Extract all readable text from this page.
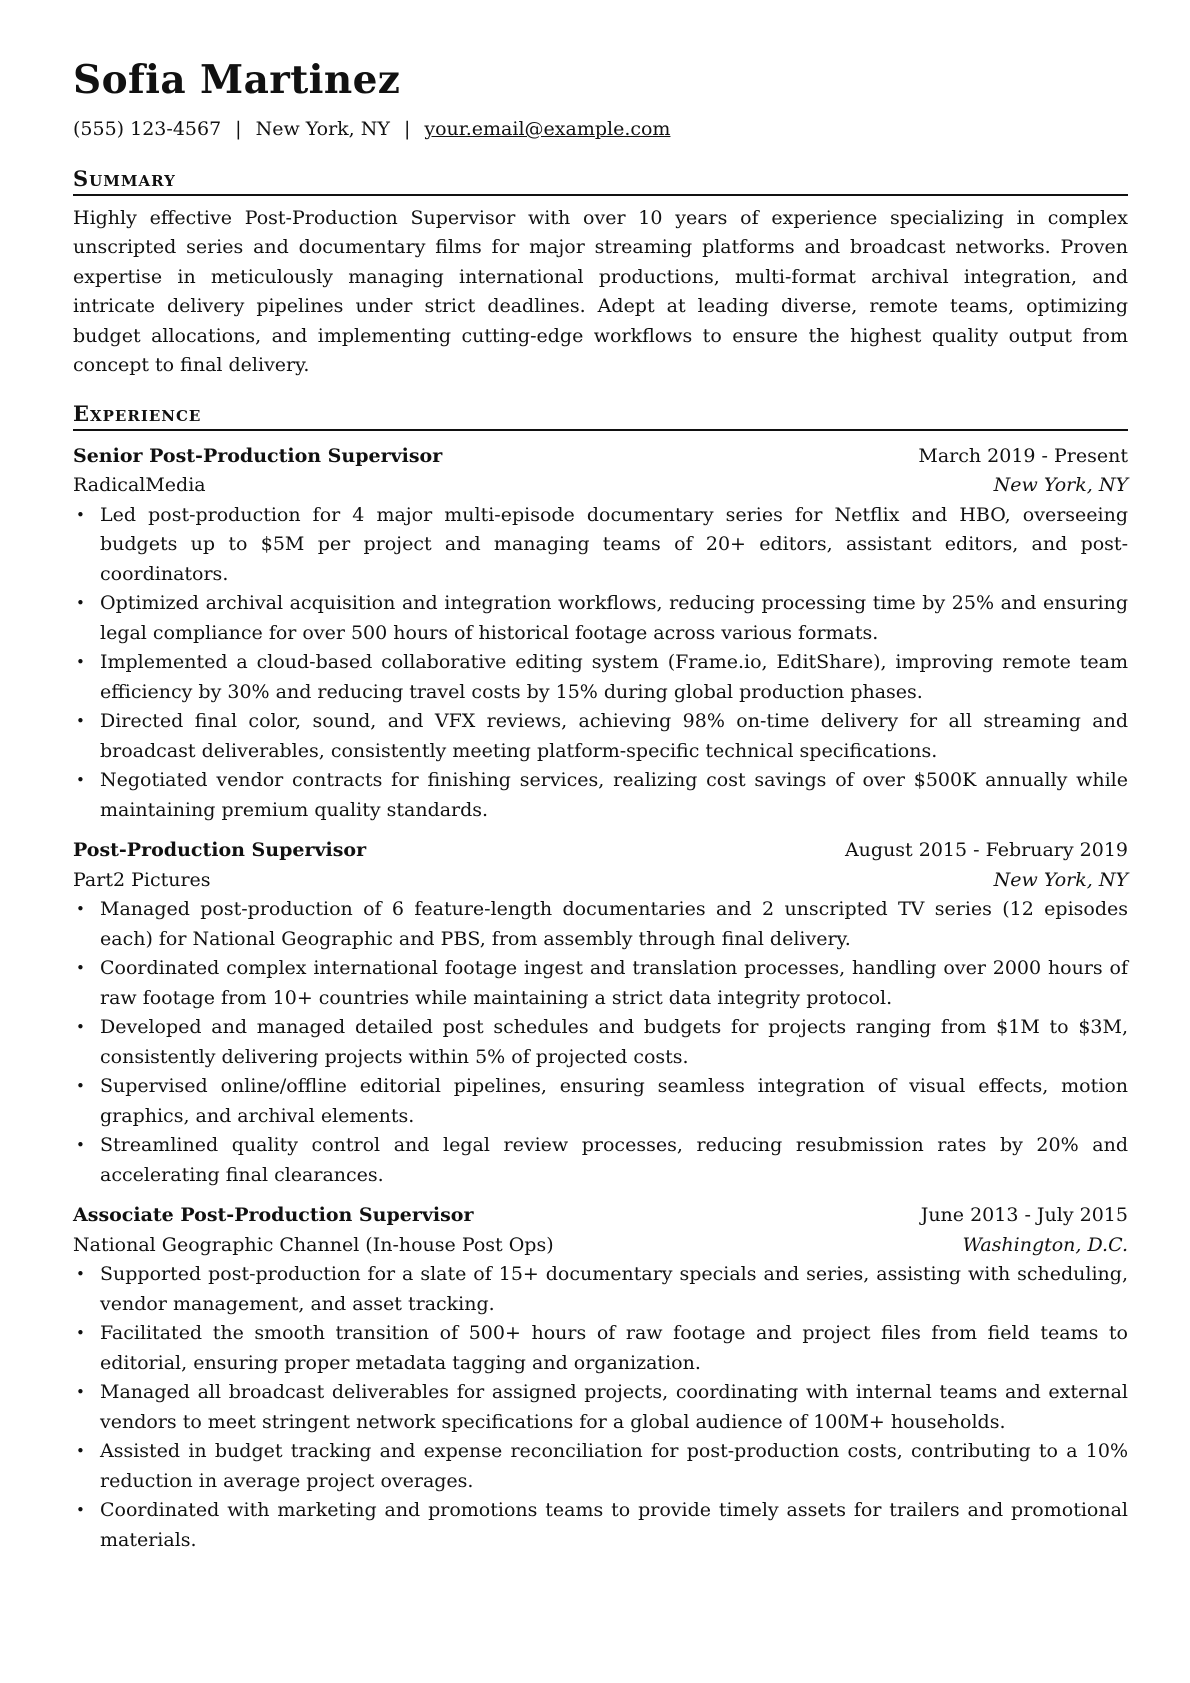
Sofia Martinez
(555) 123-4567 | New York, NY | your.email@example.com
Summary

Highly effective Post-Production Supervisor with over 10 years of experience specializing in complex unscripted series and documentary films for major streaming platforms and broadcast networks. Proven expertise in meticulously managing international productions, multi-format archival integration, and intricate delivery pipelines under strict deadlines. Adept at leading diverse, remote teams, optimizing budget allocations, and implementing cutting-edge workflows to ensure the highest quality output from concept to final delivery.

Experience
Senior Post-Production Supervisor	March 2019 - Present
RadicalMedia	New York, NY
• Led post-production for 4 major multi-episode documentary series for Netflix and HBO, overseeing budgets up to $5M per project and managing teams of 20+ editors, assistant editors, and post-coordinators.
• Optimized archival acquisition and integration workflows, reducing processing time by 25% and ensuring legal compliance for over 500 hours of historical footage across various formats.
• Implemented a cloud-based collaborative editing system (Frame.io, EditShare), improving remote team efficiency by 30% and reducing travel costs by 15% during global production phases.
• Directed final color, sound, and VFX reviews, achieving 98% on-time delivery for all streaming and broadcast deliverables, consistently meeting platform-specific technical specifications.
• Negotiated vendor contracts for finishing services, realizing cost savings of over $500K annually while maintaining premium quality standards.
Post-Production Supervisor	August 2015 - February 2019
Part2 Pictures	New York, NY
• Managed post-production of 6 feature-length documentaries and 2 unscripted TV series (12 episodes each) for National Geographic and PBS, from assembly through final delivery.
• Coordinated complex international footage ingest and translation processes, handling over 2000 hours of raw footage from 10+ countries while maintaining a strict data integrity protocol.
• Developed and managed detailed post schedules and budgets for projects ranging from $1M to $3M, consistently delivering projects within 5% of projected costs.
• Supervised online/offline editorial pipelines, ensuring seamless integration of visual effects, motion graphics, and archival elements.
• Streamlined quality control and legal review processes, reducing resubmission rates by 20% and accelerating final clearances.
Associate Post-Production Supervisor	June 2013 - July 2015
National Geographic Channel (In-house Post Ops)	Washington, D.C.
• Supported post-production for a slate of 15+ documentary specials and series, assisting with scheduling, vendor management, and asset tracking.
• Facilitated the smooth transition of 500+ hours of raw footage and project files from field teams to editorial, ensuring proper metadata tagging and organization.
• Managed all broadcast deliverables for assigned projects, coordinating with internal teams and external vendors to meet stringent network specifications for a global audience of 100M+ households.
• Assisted in budget tracking and expense reconciliation for post-production costs, contributing to a 10% reduction in average project overages.
• Coordinated with marketing and promotions teams to provide timely assets for trailers and promotional materials.
